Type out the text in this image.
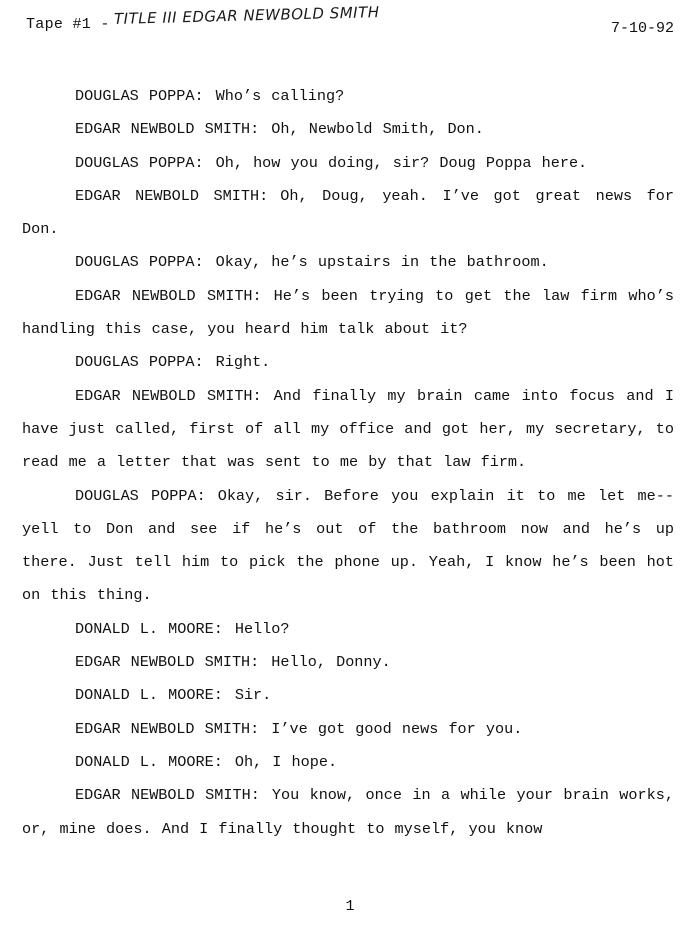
Tape #1 - TITLE III EDGAR NEWBOLD SMITH
7-10-92

DOUGLAS POPPA: Who’s calling?

EDGAR NEWBOLD SMITH: Oh, Newbold Smith, Don.

DOUGLAS POPPA: Oh, how you doing, sir? Doug Poppa here.

EDGAR NEWBOLD SMITH: Oh, Doug, yeah. I’ve got great news for Don.

DOUGLAS POPPA: Okay, he’s upstairs in the bathroom.

EDGAR NEWBOLD SMITH: He’s been trying to get the law firm who’s handling this case, you heard him talk about it?

DOUGLAS POPPA: Right.

EDGAR NEWBOLD SMITH: And finally my brain came into focus and I have just called, first of all my office and got her, my secretary, to read me a letter that was sent to me by that law firm.

DOUGLAS POPPA: Okay, sir. Before you explain it to me let me--yell to Don and see if he’s out of the bathroom now and he’s up there. Just tell him to pick the phone up. Yeah, I know he’s been hot on this thing.

DONALD L. MOORE: Hello?

EDGAR NEWBOLD SMITH: Hello, Donny.

DONALD L. MOORE: Sir.

EDGAR NEWBOLD SMITH: I’ve got good news for you.

DONALD L. MOORE: Oh, I hope.

EDGAR NEWBOLD SMITH: You know, once in a while your brain works, or, mine does. And I finally thought to myself, you know

1
